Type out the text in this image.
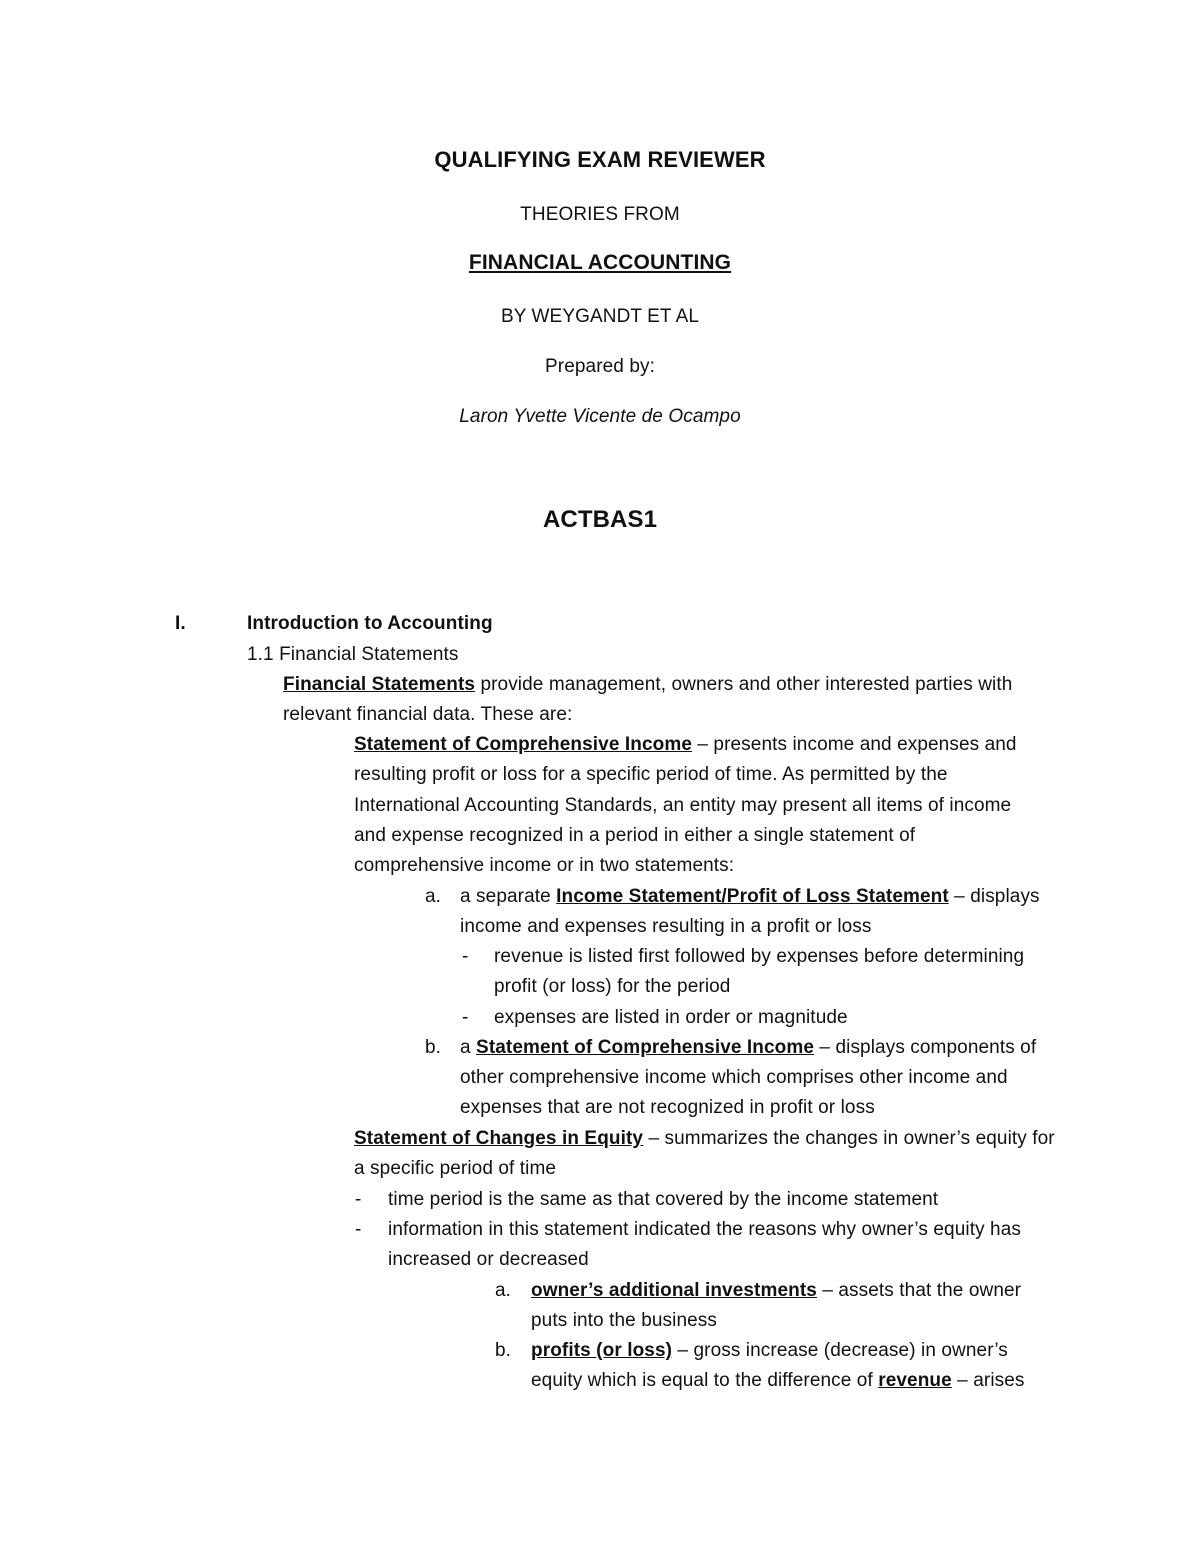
QUALIFYING EXAM REVIEWER
THEORIES FROM
FINANCIAL ACCOUNTING
BY WEYGANDT ET AL
Prepared by:
Laron Yvette Vicente de Ocampo
ACTBAS1
I.	Introduction to Accounting
1.1 Financial Statements
Financial Statements provide management, owners and other interested parties with
relevant financial data. These are:
Statement of Comprehensive Income – presents income and expenses and
resulting profit or loss for a specific period of time. As permitted by the
International Accounting Standards, an entity may present all items of income
and expense recognized in a period in either a single statement of
comprehensive income or in two statements:
a. a separate Income Statement/Profit of Loss Statement – displays
income and expenses resulting in a profit or loss
- revenue is listed first followed by expenses before determining
profit (or loss) for the period
- expenses are listed in order or magnitude
b. a Statement of Comprehensive Income – displays components of
other comprehensive income which comprises other income and
expenses that are not recognized in profit or loss
Statement of Changes in Equity – summarizes the changes in owner’s equity for
a specific period of time
- time period is the same as that covered by the income statement
- information in this statement indicated the reasons why owner’s equity has
increased or decreased
a. owner’s additional investments – assets that the owner
puts into the business
b. profits (or loss) – gross increase (decrease) in owner’s
equity which is equal to the difference of revenue – arises
